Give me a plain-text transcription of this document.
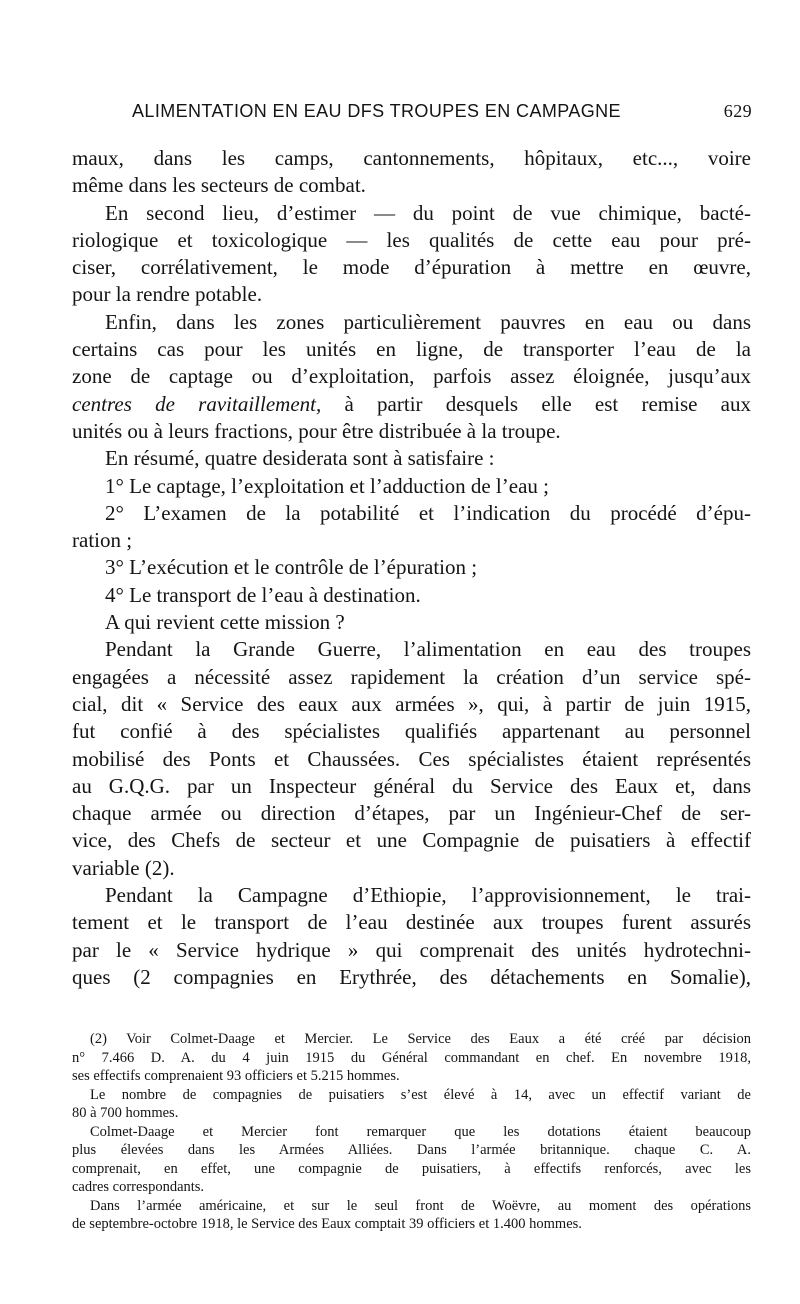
ALIMENTATION EN EAU DFS TROUPES EN CAMPAGNE	629
maux, dans les camps, cantonnements, hôpitaux, etc..., voire
même dans les secteurs de combat.
En second lieu, d’estimer — du point de vue chimique, bacté-
riologique et toxicologique — les qualités de cette eau pour pré-
ciser, corrélativement, le mode d’épuration à mettre en œuvre,
pour la rendre potable.
Enfin, dans les zones particulièrement pauvres en eau ou dans
certains cas pour les unités en ligne, de transporter l’eau de la
zone de captage ou d’exploitation, parfois assez éloignée, jusqu’aux
centres de ravitaillement, à partir desquels elle est remise aux
unités ou à leurs fractions, pour être distribuée à la troupe.
En résumé, quatre desiderata sont à satisfaire :
1° Le captage, l’exploitation et l’adduction de l’eau ;
2° L’examen de la potabilité et l’indication du procédé d’épu-
ration ;
3° L’exécution et le contrôle de l’épuration ;
4° Le transport de l’eau à destination.
A qui revient cette mission ?
Pendant la Grande Guerre, l’alimentation en eau des troupes
engagées a nécessité assez rapidement la création d’un service spé-
cial, dit « Service des eaux aux armées », qui, à partir de juin 1915,
fut confié à des spécialistes qualifiés appartenant au personnel
mobilisé des Ponts et Chaussées. Ces spécialistes étaient représentés
au G.Q.G. par un Inspecteur général du Service des Eaux et, dans
chaque armée ou direction d’étapes, par un Ingénieur-Chef de ser-
vice, des Chefs de secteur et une Compagnie de puisatiers à effectif
variable (2).
Pendant la Campagne d’Ethiopie, l’approvisionnement, le trai-
tement et le transport de l’eau destinée aux troupes furent assurés
par le « Service hydrique » qui comprenait des unités hydrotechni-
ques (2 compagnies en Erythrée, des détachements en Somalie),
(2) Voir Colmet-Daage et Mercier. Le Service des Eaux a été créé par décision
n° 7.466 D. A. du 4 juin 1915 du Général commandant en chef. En novembre 1918,
ses effectifs comprenaient 93 officiers et 5.215 hommes.
Le nombre de compagnies de puisatiers s’est élevé à 14, avec un effectif variant de
80 à 700 hommes.
Colmet-Daage et Mercier font remarquer que les dotations étaient beaucoup
plus élevées dans les Armées Alliées. Dans l’armée britannique. chaque C. A.
comprenait, en effet, une compagnie de puisatiers, à effectifs renforcés, avec les
cadres correspondants.
Dans l’armée américaine, et sur le seul front de Woëvre, au moment des opérations
de septembre-octobre 1918, le Service des Eaux comptait 39 officiers et 1.400 hommes.
